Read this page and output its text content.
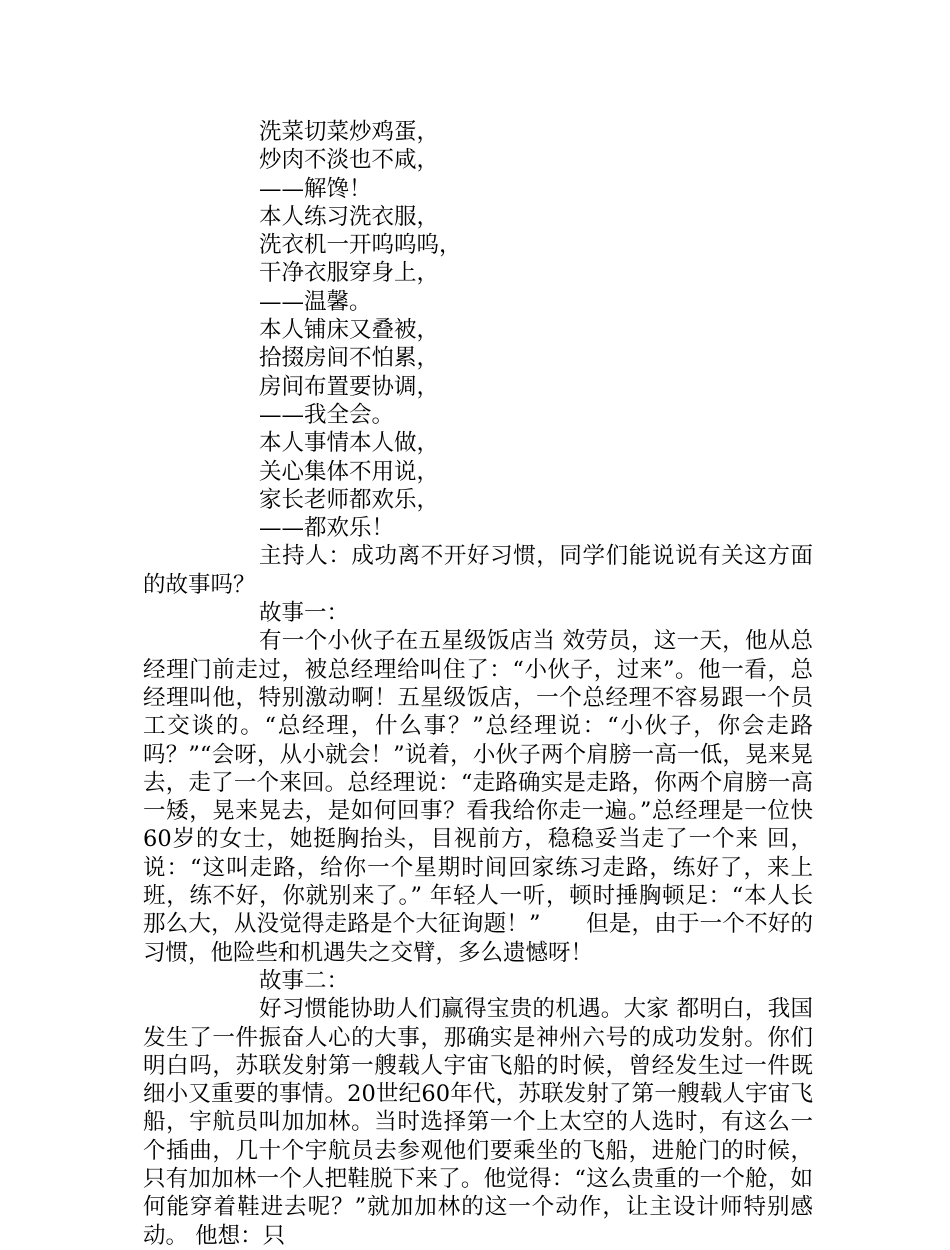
洗菜切菜炒鸡蛋，

炒肉不淡也不咸，

——解馋！

本人练习洗衣服，

洗衣机一开呜呜呜，

干净衣服穿身上，

——温馨。

本人铺床又叠被，

拾掇房间不怕累，

房间布置要协调，

——我全会。

本人事情本人做，

关心集体不用说，

家长老师都欢乐，

——都欢乐！

主持人：成功离不开好习惯，同学们能说说有关这方面的故事吗？

故事一：

有一个小伙子在五星级饭店当 效劳员，这一天，他从总经理门前走过，被总经理给叫住了：“小伙子，过来”。他一看，总经理叫他，特别激动啊！五星级饭店，一个总经理不容易跟一个员工交谈的。“总经理，什么事？”总经理说：“小伙子，你会走路吗？”“会呀，从小就会！”说着，小伙子两个肩膀一高一低，晃来晃去，走了一个来回。总经理说：“走路确实是走路，你两个肩膀一高一矮，晃来晃去，是如何回事？看我给你走一遍。”总经理是一位快60岁的女士，她挺胸抬头，目视前方，稳稳妥当走了一个来 回，说：“这叫走路，给你一个星期时间回家练习走路，练好了，来上班，练不好，你就别来了。” 年轻人一听，顿时捶胸顿足：“本人长那么大，从没觉得走路是个大征询题！”　　但是，由于一个不好的习惯，他险些和机遇失之交臂，多么遗憾呀！

故事二：

好习惯能协助人们赢得宝贵的机遇。大家 都明白，我国发生了一件振奋人心的大事，那确实是神州六号的成功发射。你们明白吗，苏联发射第一艘载人宇宙飞船的时候，曾经发生过一件既细小又重要的事情。20世纪60年代，苏联发射了第一艘载人宇宙飞船，宇航员叫加加林。当时选择第一个上太空的人选时，有这么一个插曲，几十个宇航员去参观他们要乘坐的飞船，进舱门的时候，只有加加林一个人把鞋脱下来了。他觉得：“这么贵重的一个舱，如何能穿着鞋进去呢？”就加加林的这一个动作，让主设计师特别感动。 他想：只
